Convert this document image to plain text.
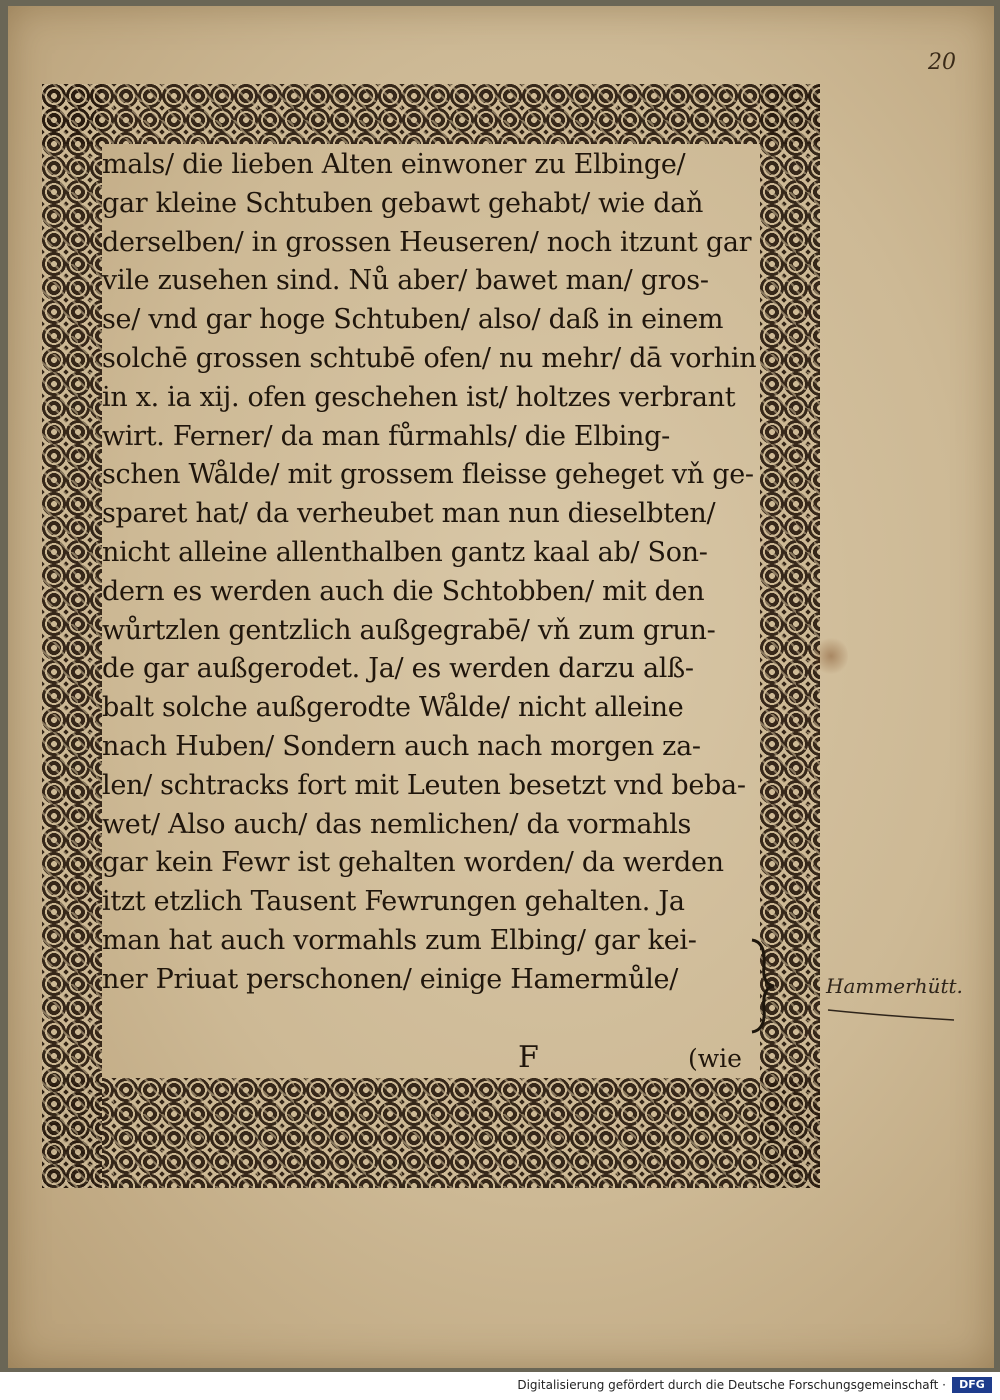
20
mals/ die lieben Alten einwoner zu Elbinge/
gar kleine Schtuben gebawt gehabt/ wie daň
derselben/ in grossen Heuseren/ noch itzunt gar
vile zusehen sind. Nů aber/ bawet man/ gros-
se/ vnd gar hoge Schtuben/ also/ daß in einem
solchē grossen schtubē ofen/ nu mehr/ dā vorhin
in x. ia xij. ofen geschehen ist/ holtzes verbrant
wirt. Ferner/ da man fůrmahls/ die Elbing-
schen Wålde/ mit grossem fleisse geheget vň ge-
sparet hat/ da verheubet man nun dieselbten/
nicht alleine allenthalben gantz kaal ab/ Son-
dern es werden auch die Schtobben/ mit den
wůrtzlen gentzlich außgegrabē/ vň zum grun-
de gar außgerodet. Ja/ es werden darzu alß-
balt solche außgerodte Wålde/ nicht alleine
nach Huben/ Sondern auch nach morgen za-
len/ schtracks fort mit Leuten besetzt vnd beba-
wet/ Also auch/ das nemlichen/ da vormahls
gar kein Fewr ist gehalten worden/ da werden
itzt etzlich Tausent Fewrungen gehalten. Ja
man hat auch vormahls zum Elbing/ gar kei-
ner Priuat perschonen/ einige Hamermůle/
F	(wie
Hammerhütt.
Digitalisierung gefördert durch die Deutsche Forschungsgemeinschaft ·	DFG
